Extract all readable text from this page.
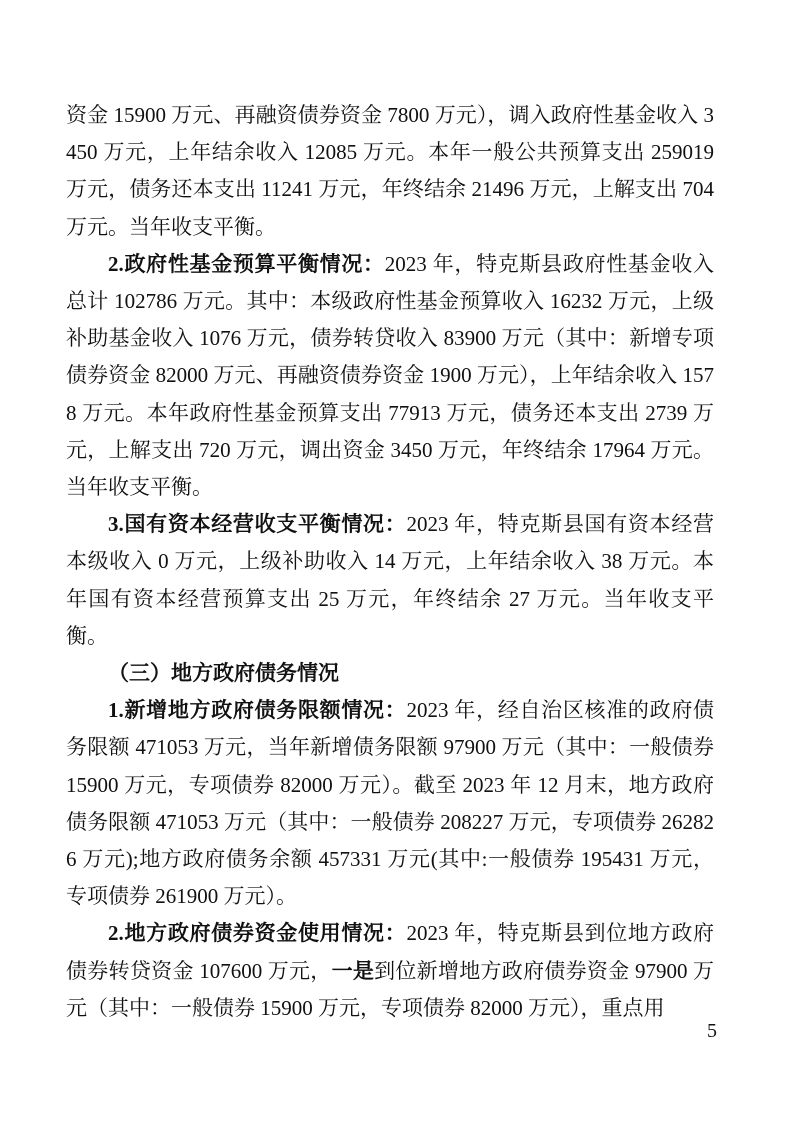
资金 15900 万元、再融资债券资金 7800 万元），调入政府性基金收入 3450 万元，上年结余收入 12085 万元。本年一般公共预算支出 259019 万元，债务还本支出 11241 万元，年终结余 21496 万元，上解支出 704 万元。当年收支平衡。

2.政府性基金预算平衡情况：2023 年，特克斯县政府性基金收入总计 102786 万元。其中：本级政府性基金预算收入 16232 万元，上级补助基金收入 1076 万元，债券转贷收入 83900 万元（其中：新增专项债券资金 82000 万元、再融资债券资金 1900 万元），上年结余收入 1578 万元。本年政府性基金预算支出 77913 万元，债务还本支出 2739 万元，上解支出 720 万元，调出资金 3450 万元，年终结余 17964 万元。当年收支平衡。

3.国有资本经营收支平衡情况：2023 年，特克斯县国有资本经营本级收入 0 万元，上级补助收入 14 万元，上年结余收入 38 万元。本年国有资本经营预算支出 25 万元，年终结余 27 万元。当年收支平衡。

（三）地方政府债务情况

1.新增地方政府债务限额情况：2023 年，经自治区核准的政府债务限额 471053 万元，当年新增债务限额 97900 万元（其中：一般债券 15900 万元，专项债券 82000 万元）。截至 2023 年 12 月末，地方政府债务限额 471053 万元（其中：一般债券 208227 万元，专项债券 262826 万元);地方政府债务余额 457331 万元(其中:一般债券 195431 万元，专项债券 261900 万元）。

2.地方政府债券资金使用情况：2023 年，特克斯县到位地方政府债券转贷资金 107600 万元，一是到位新增地方政府债券资金 97900 万元（其中：一般债券 15900 万元，专项债券 82000 万元），重点用

5
